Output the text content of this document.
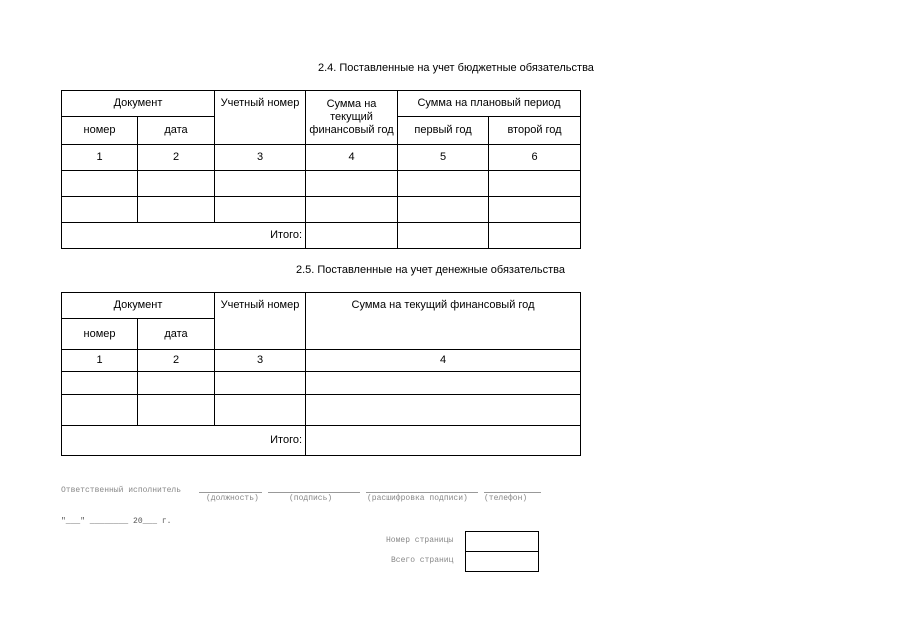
2.4. Поставленные на учет бюджетные обязательства
Документ		Учетный номер	Сумма на текущий финансовый год	Сумма на плановый период	
номер	дата			первый год	второй год
1	2	3	4	5	6

Итого:					
2.5. Поставленные на учет денежные обязательства
Документ		Учетный номер	Сумма на текущий финансовый год
номер	дата		
1	2	3	4

Итого:			
Ответственный исполнитель
(должность)	(подпись)	(расшифровка подписи) (телефон)
"___" ________ 20___ г.
Номер страницы
Всего страниц
